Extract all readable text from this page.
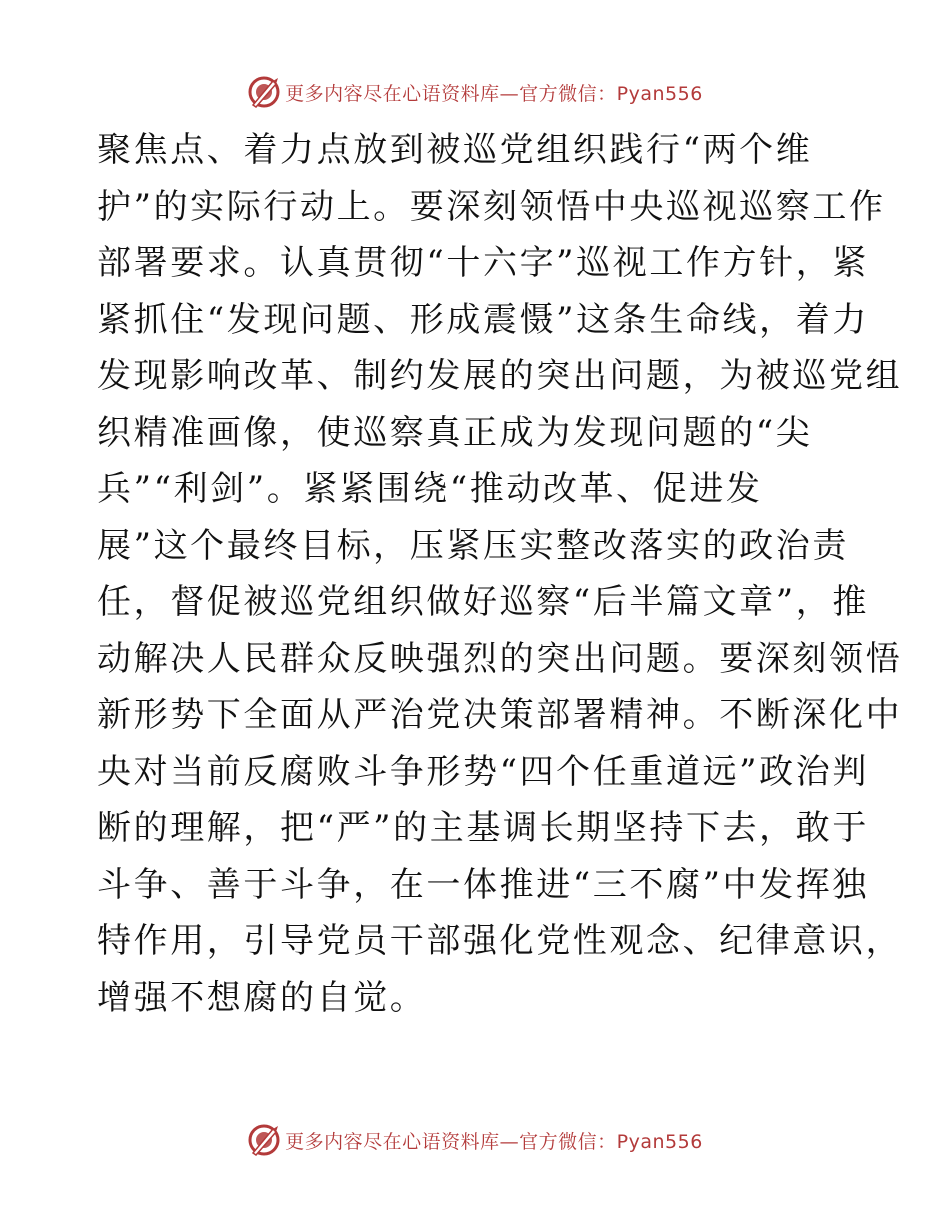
更多内容尽在心语资料库—官方微信：Pyan556
聚焦点、着力点放到被巡党组织践行“两个维
护”的实际行动上。要深刻领悟中央巡视巡察工作
部署要求。认真贯彻“十六字”巡视工作方针，紧
紧抓住“发现问题、形成震慑”这条生命线，着力
发现影响改革、制约发展的突出问题，为被巡党组
织精准画像，使巡察真正成为发现问题的“尖
兵”“利剑”。紧紧围绕“推动改革、促进发
展”这个最终目标，压紧压实整改落实的政治责
任，督促被巡党组织做好巡察“后半篇文章”，推
动解决人民群众反映强烈的突出问题。要深刻领悟
新形势下全面从严治党决策部署精神。不断深化中
央对当前反腐败斗争形势“四个任重道远”政治判
断的理解，把“严”的主基调长期坚持下去，敢于
斗争、善于斗争，在一体推进“三不腐”中发挥独
特作用，引导党员干部强化党性观念、纪律意识，
增强不想腐的自觉。
更多内容尽在心语资料库—官方微信：Pyan556
